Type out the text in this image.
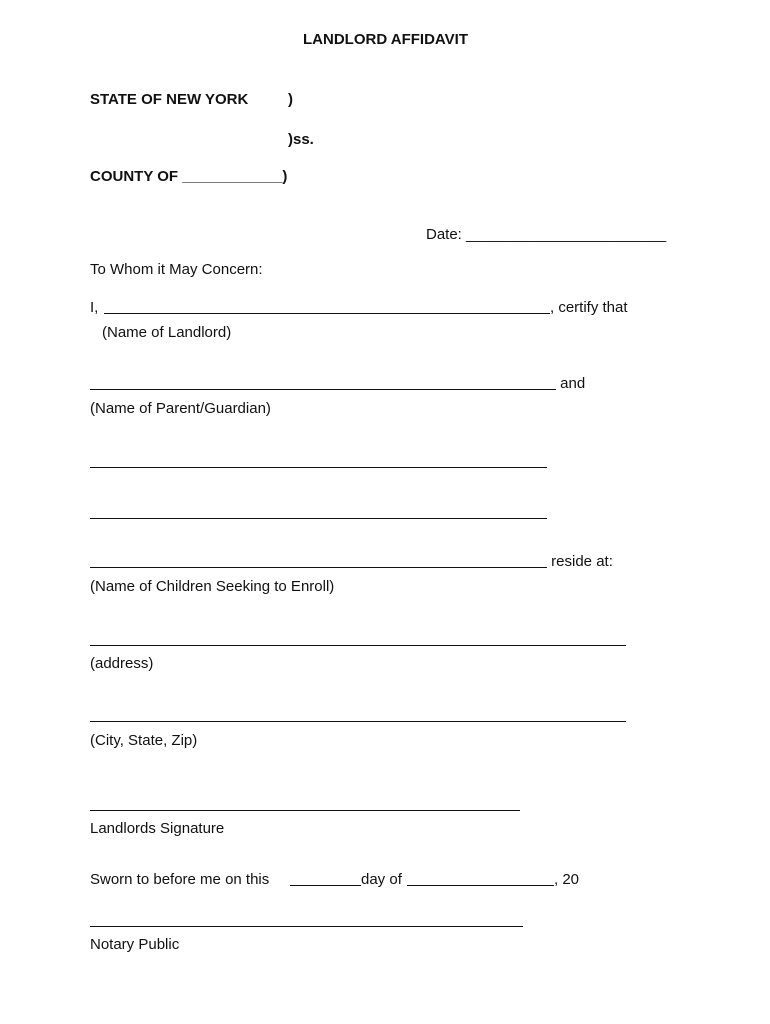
LANDLORD AFFIDAVIT
STATE OF NEW YORK	)
)ss.
COUNTY OF ____________)
Date: ________________________
To Whom it May Concern:
I,	, certify that
(Name of Landlord)
and
(Name of Parent/Guardian)
reside at:
(Name of Children Seeking to Enroll)
(address)
(City, State, Zip)
Landlords Signature
Sworn to before me on this	day of	, 20
Notary Public
